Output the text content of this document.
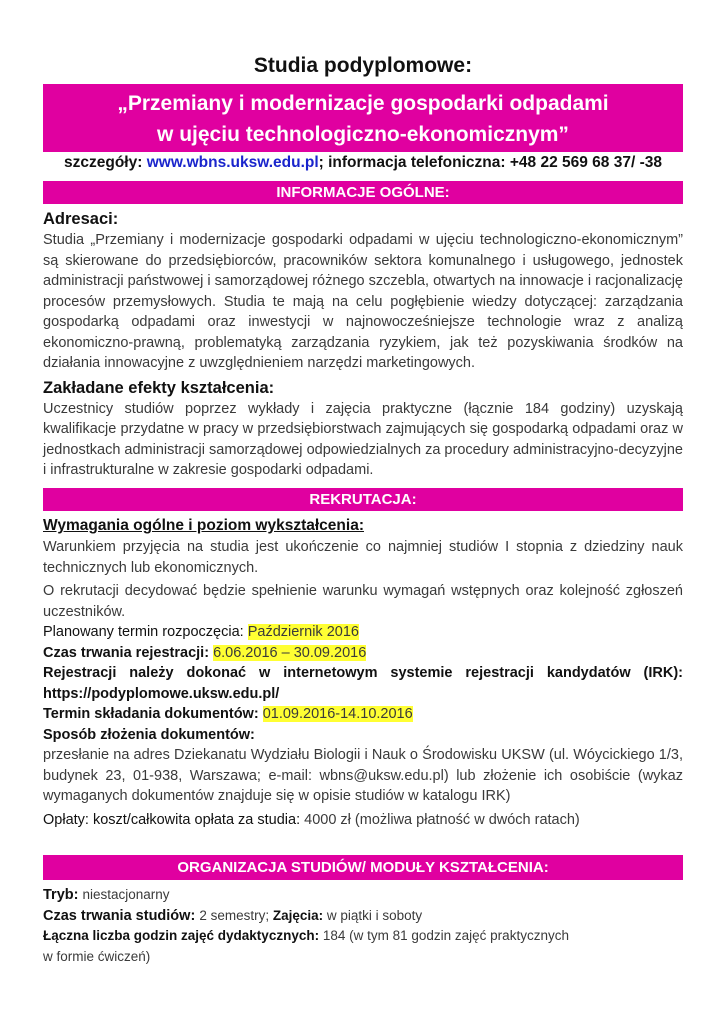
Studia podyplomowe:
„Przemiany i modernizacje gospodarki odpadami
w ujęciu technologiczno-ekonomicznym”
szczegóły: www.wbns.uksw.edu.pl; informacja telefoniczna: +48 22 569 68 37/ -38
INFORMACJE OGÓLNE:
Adresaci:

Studia „Przemiany i modernizacje gospodarki odpadami w ujęciu technologiczno-ekonomicznym” są skierowane do przedsiębiorców, pracowników sektora komunalnego i usługowego, jednostek administracji państwowej i samorządowej różnego szczebla, otwartych na innowacje i racjonalizację procesów przemysłowych. Studia te mają na celu pogłębienie wiedzy dotyczącej: zarządzania gospodarką odpadami oraz inwestycji w najnowocześniejsze technologie wraz z analizą ekonomiczno-prawną, problematyką zarządzania ryzykiem, jak też pozyskiwania środków na działania innowacyjne z uwzględnieniem narzędzi marketingowych.

Zakładane efekty kształcenia:

Uczestnicy studiów poprzez wykłady i zajęcia praktyczne (łącznie 184 godziny) uzyskają kwalifikacje przydatne w pracy w przedsiębiorstwach zajmujących się gospodarką odpadami oraz w jednostkach administracji samorządowej odpowiedzialnych za procedury administracyjno-decyzyjne i infrastrukturalne w zakresie gospodarki odpadami.

REKRUTACJA:
Wymagania ogólne i poziom wykształcenia:

Warunkiem przyjęcia na studia jest ukończenie co najmniej studiów I stopnia z dziedziny nauk technicznych lub ekonomicznych.

O rekrutacji decydować będzie spełnienie warunku wymagań wstępnych oraz kolejność zgłoszeń uczestników.

Planowany termin rozpoczęcia: Październik 2016
Czas trwania rejestracji: 6.06.2016 – 30.09.2016

Rejestracji należy dokonać w internetowym systemie rejestracji kandydatów (IRK): https://podyplomowe.uksw.edu.pl/

Termin składania dokumentów: 01.09.2016-14.10.2016
Sposób złożenia dokumentów:

przesłanie na adres Dziekanatu Wydziału Biologii i Nauk o Środowisku UKSW (ul. Wóycickiego 1/3, budynek 23, 01-938, Warszawa; e-mail: wbns@uksw.edu.pl) lub złożenie ich osobiście (wykaz wymaganych dokumentów znajduje się w opisie studiów w katalogu IRK)

Opłaty: koszt/całkowita opłata za studia: 4000 zł (możliwa płatność w dwóch ratach)
ORGANIZACJA STUDIÓW/ MODUŁY KSZTAŁCENIA:
Tryb: niestacjonarny
Czas trwania studiów: 2 semestry; Zajęcia: w piątki i soboty
Łączna liczba godzin zajęć dydaktycznych: 184 (w tym 81 godzin zajęć praktycznych
w formie ćwiczeń)
